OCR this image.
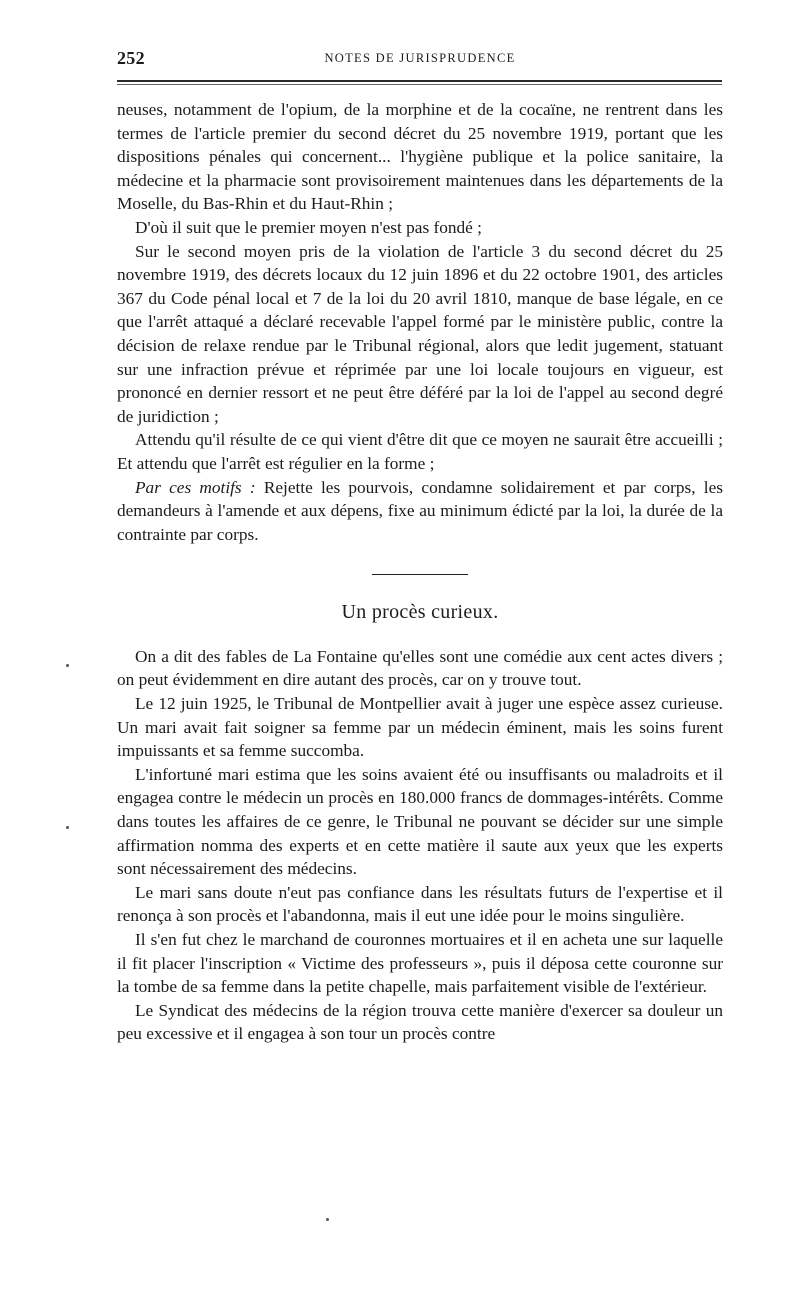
252	NOTES DE JURISPRUDENCE

neuses, notamment de l'opium, de la morphine et de la cocaïne, ne rentrent dans les termes de l'article premier du second décret du 25 novembre 1919, portant que les dispositions pénales qui concernent... l'hygiène publique et la police sanitaire, la médecine et la pharmacie sont provisoirement maintenues dans les départements de la Moselle, du Bas-Rhin et du Haut-Rhin ;

D'où il suit que le premier moyen n'est pas fondé ;

Sur le second moyen pris de la violation de l'article 3 du second décret du 25 novembre 1919, des décrets locaux du 12 juin 1896 et du 22 octobre 1901, des articles 367 du Code pénal local et 7 de la loi du 20 avril 1810, manque de base légale, en ce que l'arrêt attaqué a déclaré recevable l'appel formé par le ministère public, contre la décision de relaxe rendue par le Tribunal régional, alors que ledit jugement, statuant sur une infraction prévue et réprimée par une loi locale toujours en vigueur, est prononcé en dernier ressort et ne peut être déféré par la loi de l'appel au second degré de juridiction ;

Attendu qu'il résulte de ce qui vient d'être dit que ce moyen ne saurait être accueilli ; Et attendu que l'arrêt est régulier en la forme ;

Par ces motifs : Rejette les pourvois, condamne solidairement et par corps, les demandeurs à l'amende et aux dépens, fixe au minimum édicté par la loi, la durée de la contrainte par corps.

Un procès curieux.

On a dit des fables de La Fontaine qu'elles sont une comédie aux cent actes divers ; on peut évidemment en dire autant des procès, car on y trouve tout.

Le 12 juin 1925, le Tribunal de Montpellier avait à juger une espèce assez curieuse. Un mari avait fait soigner sa femme par un médecin éminent, mais les soins furent impuissants et sa femme succomba.

L'infortuné mari estima que les soins avaient été ou insuffisants ou maladroits et il engagea contre le médecin un procès en 180.000 francs de dommages-intérêts. Comme dans toutes les affaires de ce genre, le Tribunal ne pouvant se décider sur une simple affirmation nomma des experts et en cette matière il saute aux yeux que les experts sont nécessairement des médecins.

Le mari sans doute n'eut pas confiance dans les résultats futurs de l'expertise et il renonça à son procès et l'abandonna, mais il eut une idée pour le moins singulière.

Il s'en fut chez le marchand de couronnes mortuaires et il en acheta une sur laquelle il fit placer l'inscription « Victime des professeurs », puis il déposa cette couronne sur la tombe de sa femme dans la petite chapelle, mais parfaitement visible de l'extérieur.

Le Syndicat des médecins de la région trouva cette manière d'exercer sa douleur un peu excessive et il engagea à son tour un procès contre
